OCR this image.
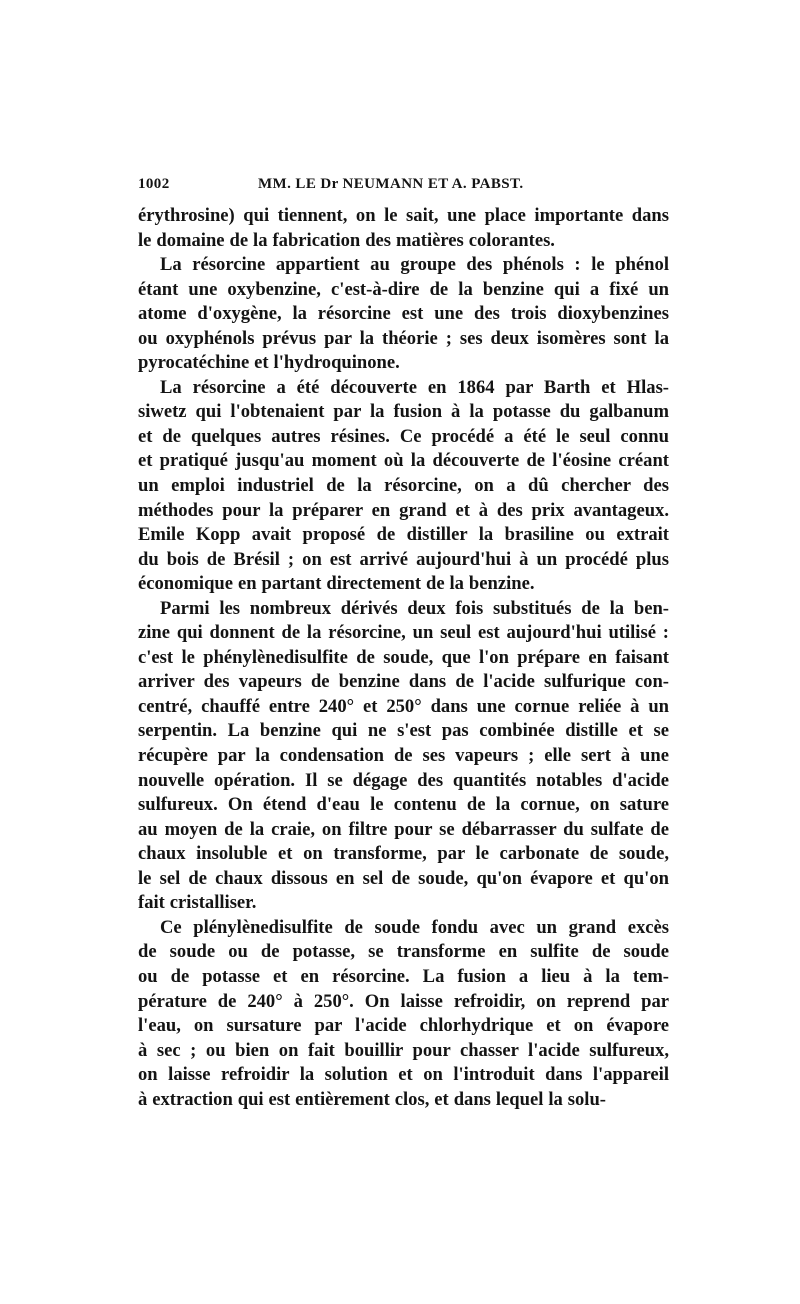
1002	MM. LE Dr NEUMANN ET A. PABST.

érythrosine) qui tiennent, on le sait, une place importante dans
le domaine de la fabrication des matières colorantes.

La résorcine appartient au groupe des phénols : le phénol
étant une oxybenzine, c'est-à-dire de la benzine qui a fixé un
atome d'oxygène, la résorcine est une des trois dioxybenzines
ou oxyphénols prévus par la théorie ; ses deux isomères sont la
pyrocatéchine et l'hydroquinone.

La résorcine a été découverte en 1864 par Barth et Hlas-
siwetz qui l'obtenaient par la fusion à la potasse du galbanum
et de quelques autres résines. Ce procédé a été le seul connu
et pratiqué jusqu'au moment où la découverte de l'éosine créant
un emploi industriel de la résorcine, on a dû chercher des
méthodes pour la préparer en grand et à des prix avantageux.
Emile Kopp avait proposé de distiller la brasiline ou extrait
du bois de Brésil ; on est arrivé aujourd'hui à un procédé plus
économique en partant directement de la benzine.

Parmi les nombreux dérivés deux fois substitués de la ben-
zine qui donnent de la résorcine, un seul est aujourd'hui utilisé :
c'est le phénylènedisulfite de soude, que l'on prépare en faisant
arriver des vapeurs de benzine dans de l'acide sulfurique con-
centré, chauffé entre 240° et 250° dans une cornue reliée à un
serpentin. La benzine qui ne s'est pas combinée distille et se
récupère par la condensation de ses vapeurs ; elle sert à une
nouvelle opération. Il se dégage des quantités notables d'acide
sulfureux. On étend d'eau le contenu de la cornue, on sature
au moyen de la craie, on filtre pour se débarrasser du sulfate de
chaux insoluble et on transforme, par le carbonate de soude,
le sel de chaux dissous en sel de soude, qu'on évapore et qu'on
fait cristalliser.

Ce plénylènedisulfite de soude fondu avec un grand excès
de soude ou de potasse, se transforme en sulfite de soude
ou de potasse et en résorcine. La fusion a lieu à la tem-
pérature de 240° à 250°. On laisse refroidir, on reprend par
l'eau, on sursature par l'acide chlorhydrique et on évapore
à sec ; ou bien on fait bouillir pour chasser l'acide sulfureux,
on laisse refroidir la solution et on l'introduit dans l'appareil
à extraction qui est entièrement clos, et dans lequel la solu-
